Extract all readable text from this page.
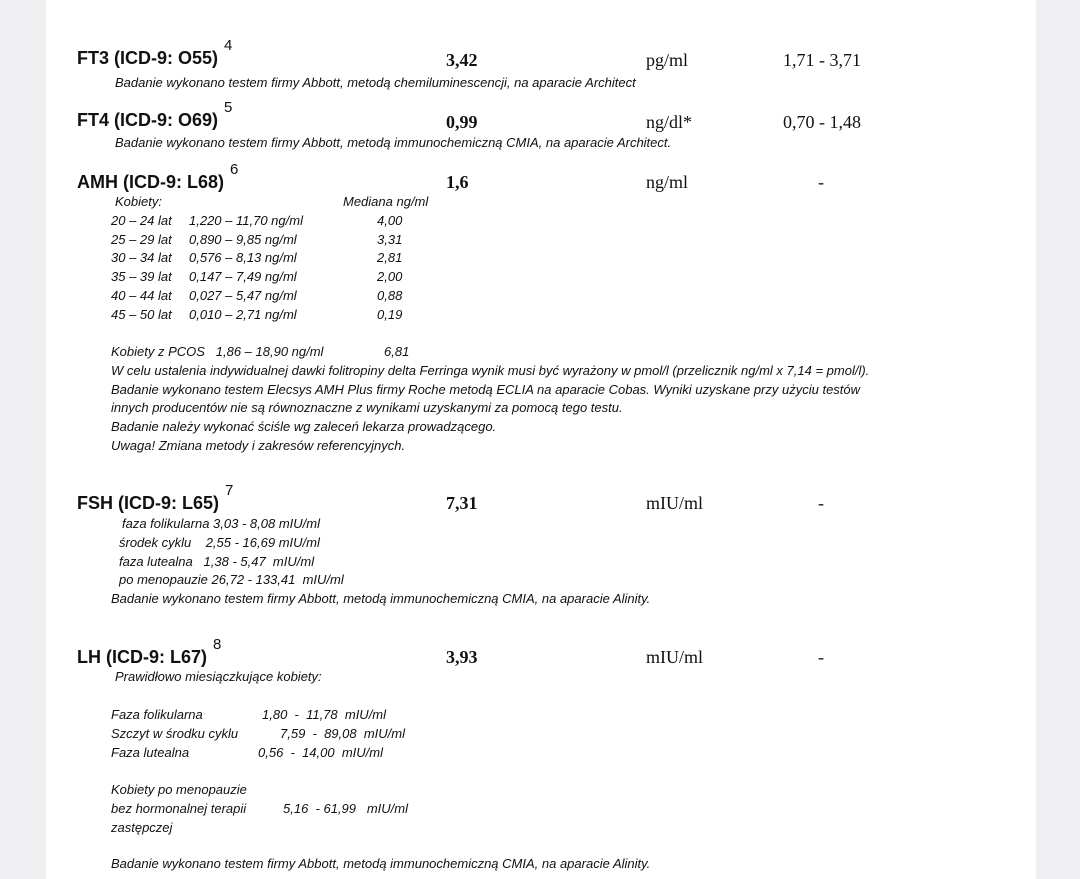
FT3 (ICD-9: O55)$^4$
3,42	pg/ml	1,71 - 3,71
Badanie wykonano testem firmy Abbott, metodą chemiluminescencji, na aparacie Architect
FT4 (ICD-9: O69)$^5$
0,99	ng/dl*	0,70 - 1,48
Badanie wykonano testem firmy Abbott, metodą immunochemiczną CMIA, na aparacie Architect.
AMH (ICD-9: L68)$^6$
1,6	ng/ml	-
Kobiety:	Mediana ng/ml
20 – 24 lat 1,220 – 11,70 ng/ml	4,00
25 – 29 lat 0,890 – 9,85 ng/ml	3,31
30 – 34 lat 0,576 – 8,13 ng/ml	2,81
35 – 39 lat 0,147 – 7,49 ng/ml	2,00
40 – 44 lat 0,027 – 5,47 ng/ml	0,88
45 – 50 lat 0,010 – 2,71 ng/ml	0,19
Kobiety z PCOS   1,86 – 18,90 ng/ml	6,81
W celu ustalenia indywidualnej dawki folitropiny delta Ferringa wynik musi być wyrażony w pmol/l (przelicznik ng/ml x 7,14 = pmol/l).
Badanie wykonano testem Elecsys AMH Plus firmy Roche metodą ECLIA na aparacie Cobas. Wyniki uzyskane przy użyciu testów
innych producentów nie są równoznaczne z wynikami uzyskanymi za pomocą tego testu.
Badanie należy wykonać ściśle wg zaleceń lekarza prowadzącego.
Uwaga! Zmiana metody i zakresów referencyjnych.
FSH (ICD-9: L65)$^7$
7,31	mIU/ml	-
faza folikularna 3,03 - 8,08 mIU/ml
środek cyklu    2,55 - 16,69 mIU/ml
faza lutealna   1,38 - 5,47  mIU/ml
po menopauzie 26,72 - 133,41  mIU/ml
Badanie wykonano testem firmy Abbott, metodą immunochemiczną CMIA, na aparacie Alinity.
LH (ICD-9: L67)$^8$
3,93	mIU/ml	-
Prawidłowo miesiączkujące kobiety:
Faza folikularna	1,80  -  11,78  mIU/ml
Szczyt w środku cyklu	7,59  -  89,08  mIU/ml
Faza lutealna	0,56  -  14,00  mIU/ml
Kobiety po menopauzie
bez hormonalnej terapii	5,16  - 61,99   mIU/ml
zastępczej
Badanie wykonano testem firmy Abbott, metodą immunochemiczną CMIA, na aparacie Alinity.
